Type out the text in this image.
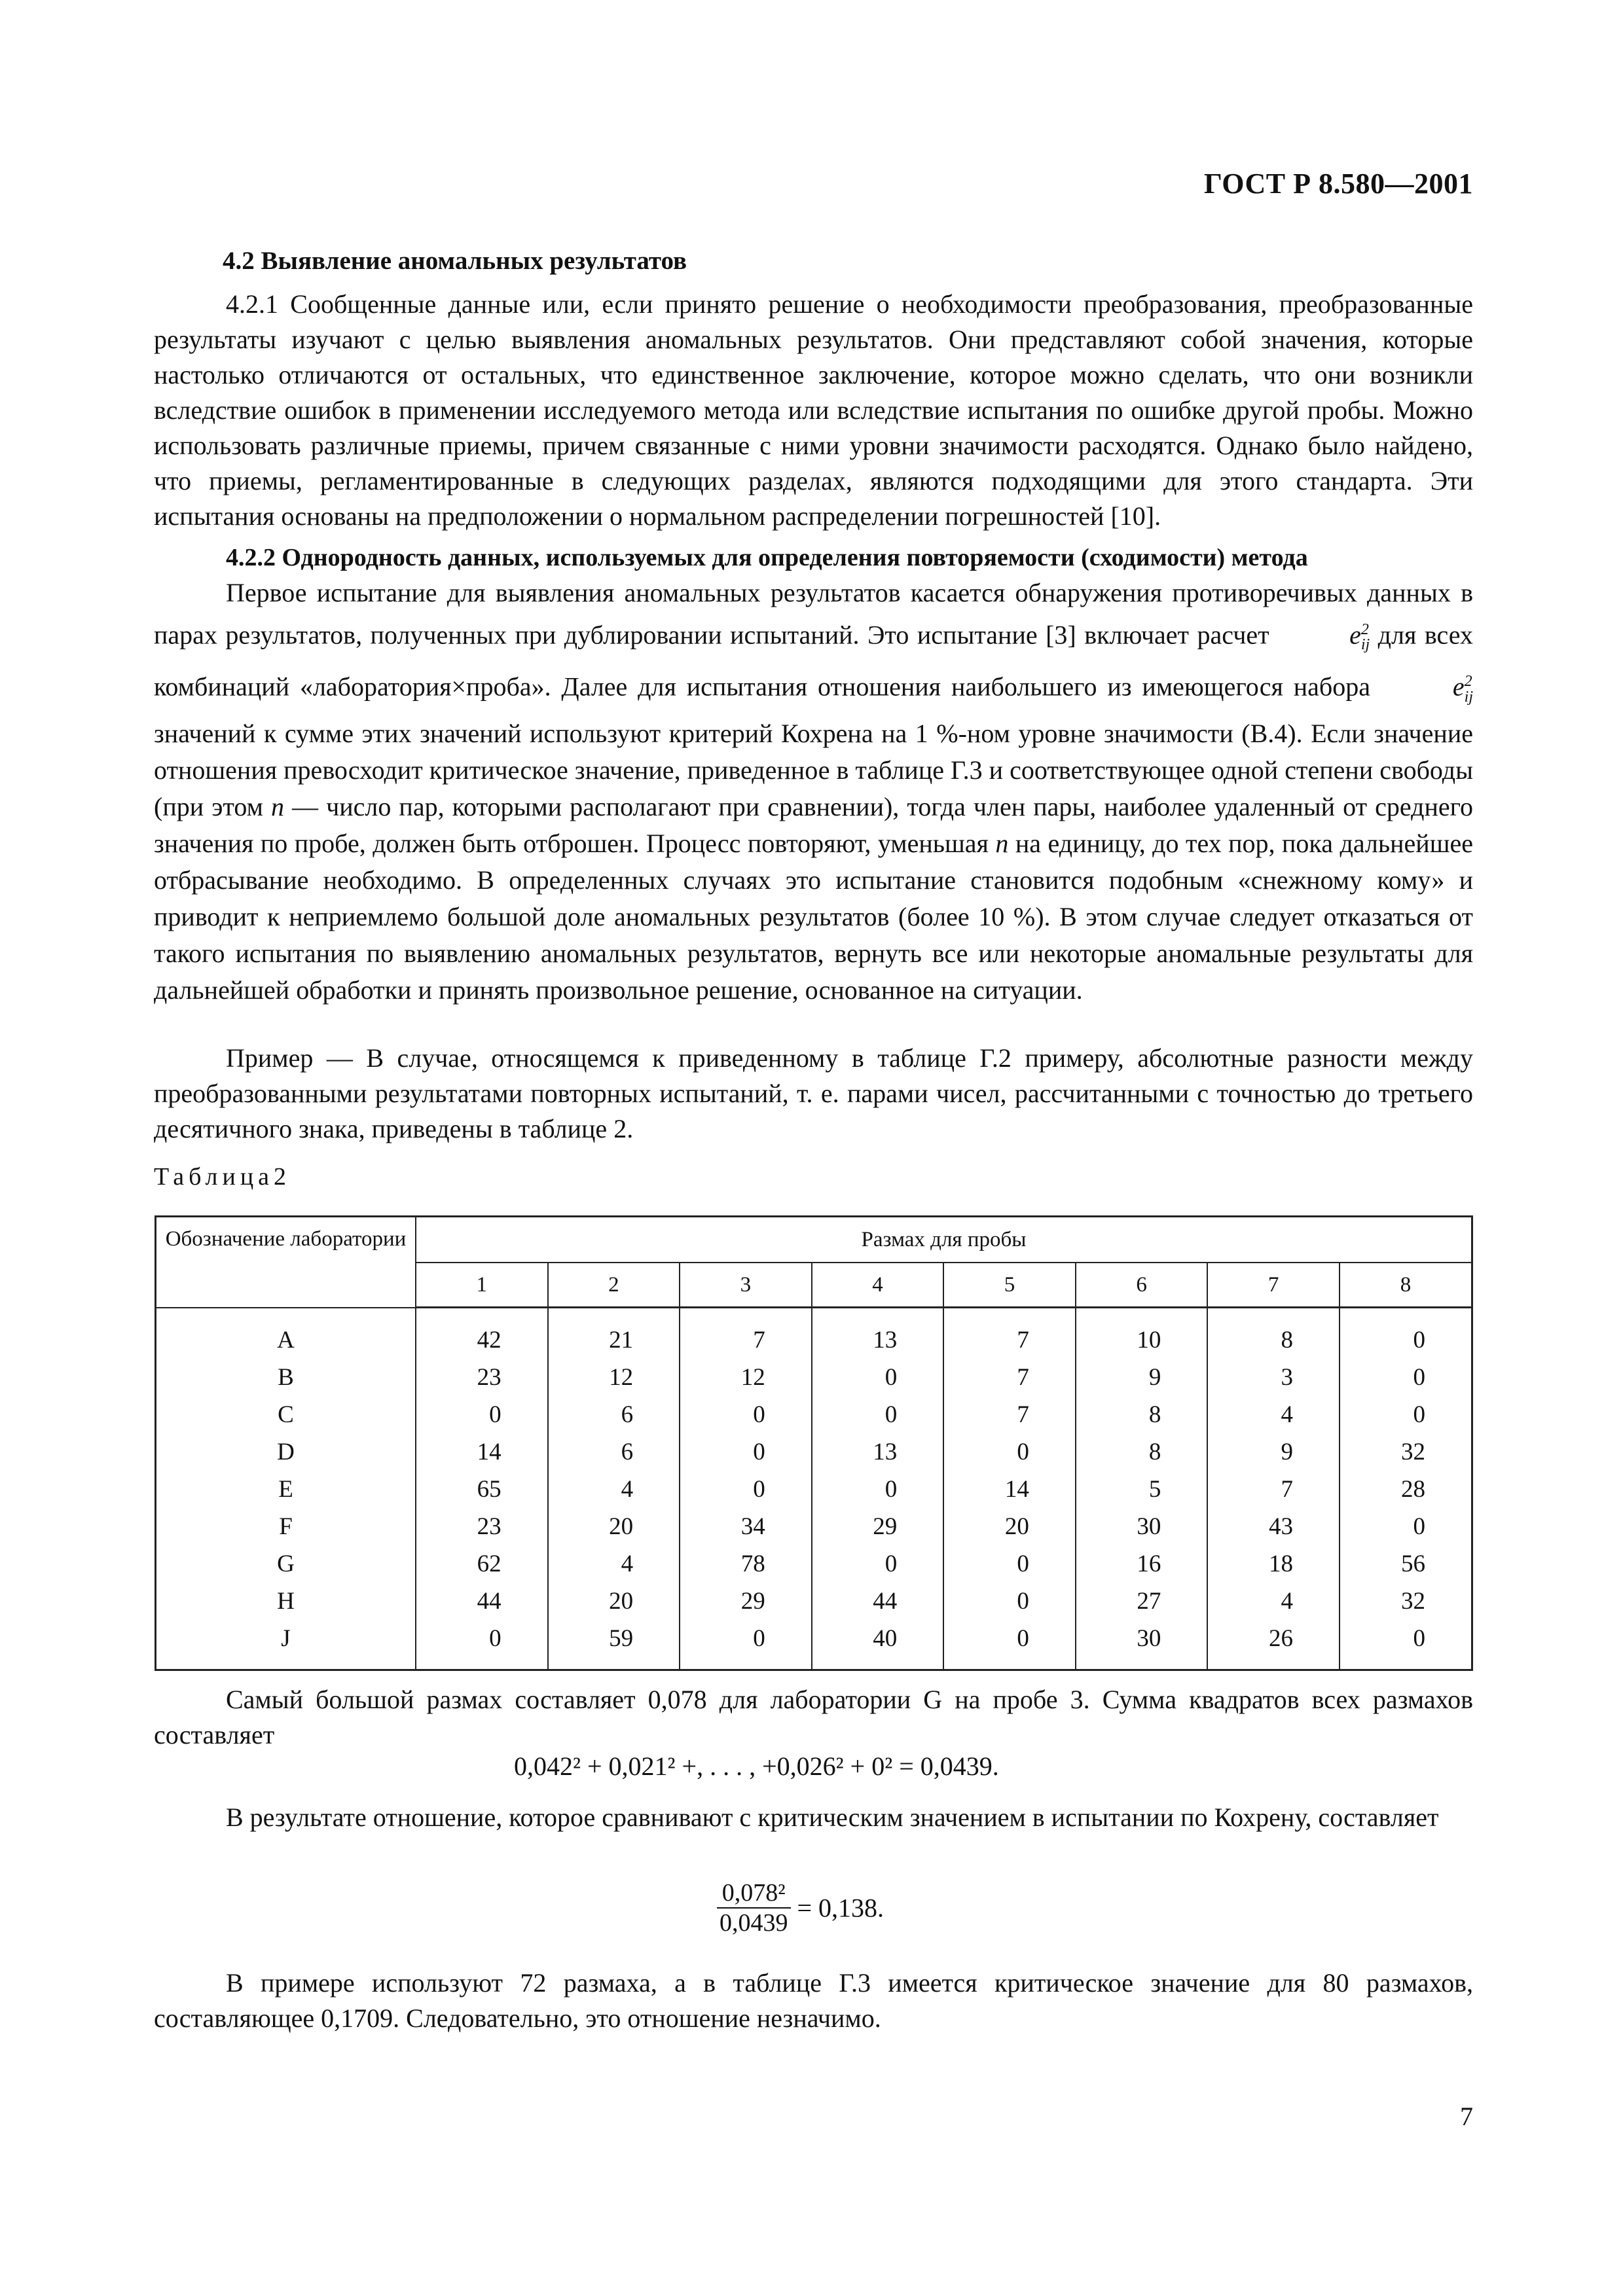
ГОСТ Р 8.580—2001
4.2 Выявление аномальных результатов
4.2.1 Сообщенные данные или, если принято решение о необходимости преобразования, преобразованные результаты изучают с целью выявления аномальных результатов. Они представляют собой значения, которые настолько отличаются от остальных, что единственное заключение, которое можно сделать, что они возникли вследствие ошибок в применении исследуемого метода или вследствие испытания по ошибке другой пробы. Можно использовать различные приемы, причем связанные с ними уровни значимости расходятся. Однако было найдено, что приемы, регламентированные в следующих разделах, являются подходящими для этого стандарта. Эти испытания основаны на предположении о нормальном распределении погрешностей [10].
4.2.2 Однородность данных, используемых для определения повторяемости (сходимости) метода
Первое испытание для выявления аномальных результатов касается обнаружения противоречивых данных в парах результатов, полученных при дублировании испытаний. Это испытание [3] включает расчет	$e^2_{ij}$ для всех комбинаций «лаборатория×проба». Далее для испытания отношения наибольшего из имеющегося набора	$e^2_{ij}$ значений к сумме этих значений используют критерий Кохрена на 1 %-ном уровне значимости (В.4). Если значение отношения превосходит критическое значение, приведенное в таблице Г.3 и соответствующее одной степени свободы (при этом n — число пар, которыми располагают при сравнении), тогда член пары, наиболее удаленный от среднего значения по пробе, должен быть отброшен. Процесс повторяют, уменьшая n на единицу, до тех пор, пока дальнейшее отбрасывание необходимо. В определенных случаях это испытание становится подобным «снежному кому» и приводит к неприемлемо большой доле аномальных результатов (более 10 %). В этом случае следует отказаться от такого испытания по выявлению аномальных результатов, вернуть все или некоторые аномальные результаты для дальнейшей обработки и принять произвольное решение, основанное на ситуации.
Пример — В случае, относящемся к приведенному в таблице Г.2 примеру, абсолютные разности между преобразованными результатами повторных испытаний, т. е. парами чисел, рассчитанными с точностью до третьего десятичного знака, приведены в таблице 2.
Таблица2
Обозначение лаборатории	Размах для пробы							
	1	2	3	4	5	6	7	8
A	42	21	7	13	7	10	8	0
B	23	12	12	0	7	9	3	0
C	0	6	0	0	7	8	4	0
D	14	6	0	13	0	8	9	32
E	65	4	0	0	14	5	7	28
F	23	20	34	29	20	30	43	0
G	62	4	78	0	0	16	18	56
H	44	20	29	44	0	27	4	32
J	0	59	0	40	0	30	26	0
Самый большой размах составляет 0,078 для лаборатории G на пробе 3. Сумма квадратов всех размахов составляет
0,042² + 0,021² +, . . . , +0,026² + 0² = 0,0439.
В результате отношение, которое сравнивают с критическим значением в испытании по Кохрену, составляет
$\frac{\text{0,078²}}{0,0439} = 0,138$.
В примере используют 72 размаха, а в таблице Г.3 имеется критическое значение для 80 размахов, составляющее 0,1709. Следовательно, это отношение незначимо.
7
